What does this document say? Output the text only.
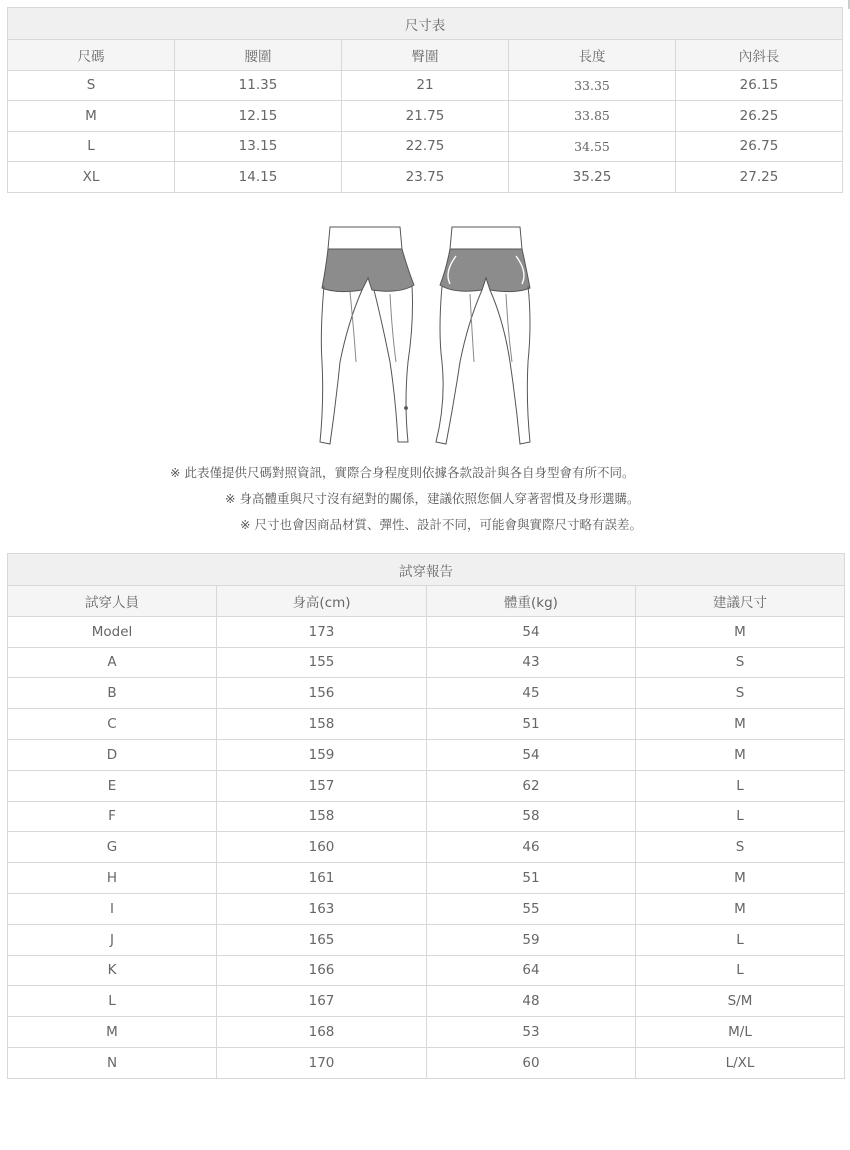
尺寸表				
尺碼	腰圍	臀圍	長度	內斜長
S	11.35	21	33.35	26.15
M	12.15	21.75	33.85	26.25
L	13.15	22.75	34.55	26.75
XL	14.15	23.75	35.25	27.25
※ 此表僅提供尺碼對照資訊，實際合身程度則依據各款設計與各自身型會有所不同。
※ 身高體重與尺寸沒有絕對的關係，建議依照您個人穿著習慣及身形選購。
※ 尺寸也會因商品材質、彈性、設計不同，可能會與實際尺寸略有誤差。
試穿報告			
試穿人員	身高(cm)	體重(kg)	建議尺寸
Model	173	54	M
A	155	43	S
B	156	45	S
C	158	51	M
D	159	54	M
E	157	62	L
F	158	58	L
G	160	46	S
H	161	51	M
I	163	55	M
J	165	59	L
K	166	64	L
L	167	48	S/M
M	168	53	M/L
N	170	60	L/XL
